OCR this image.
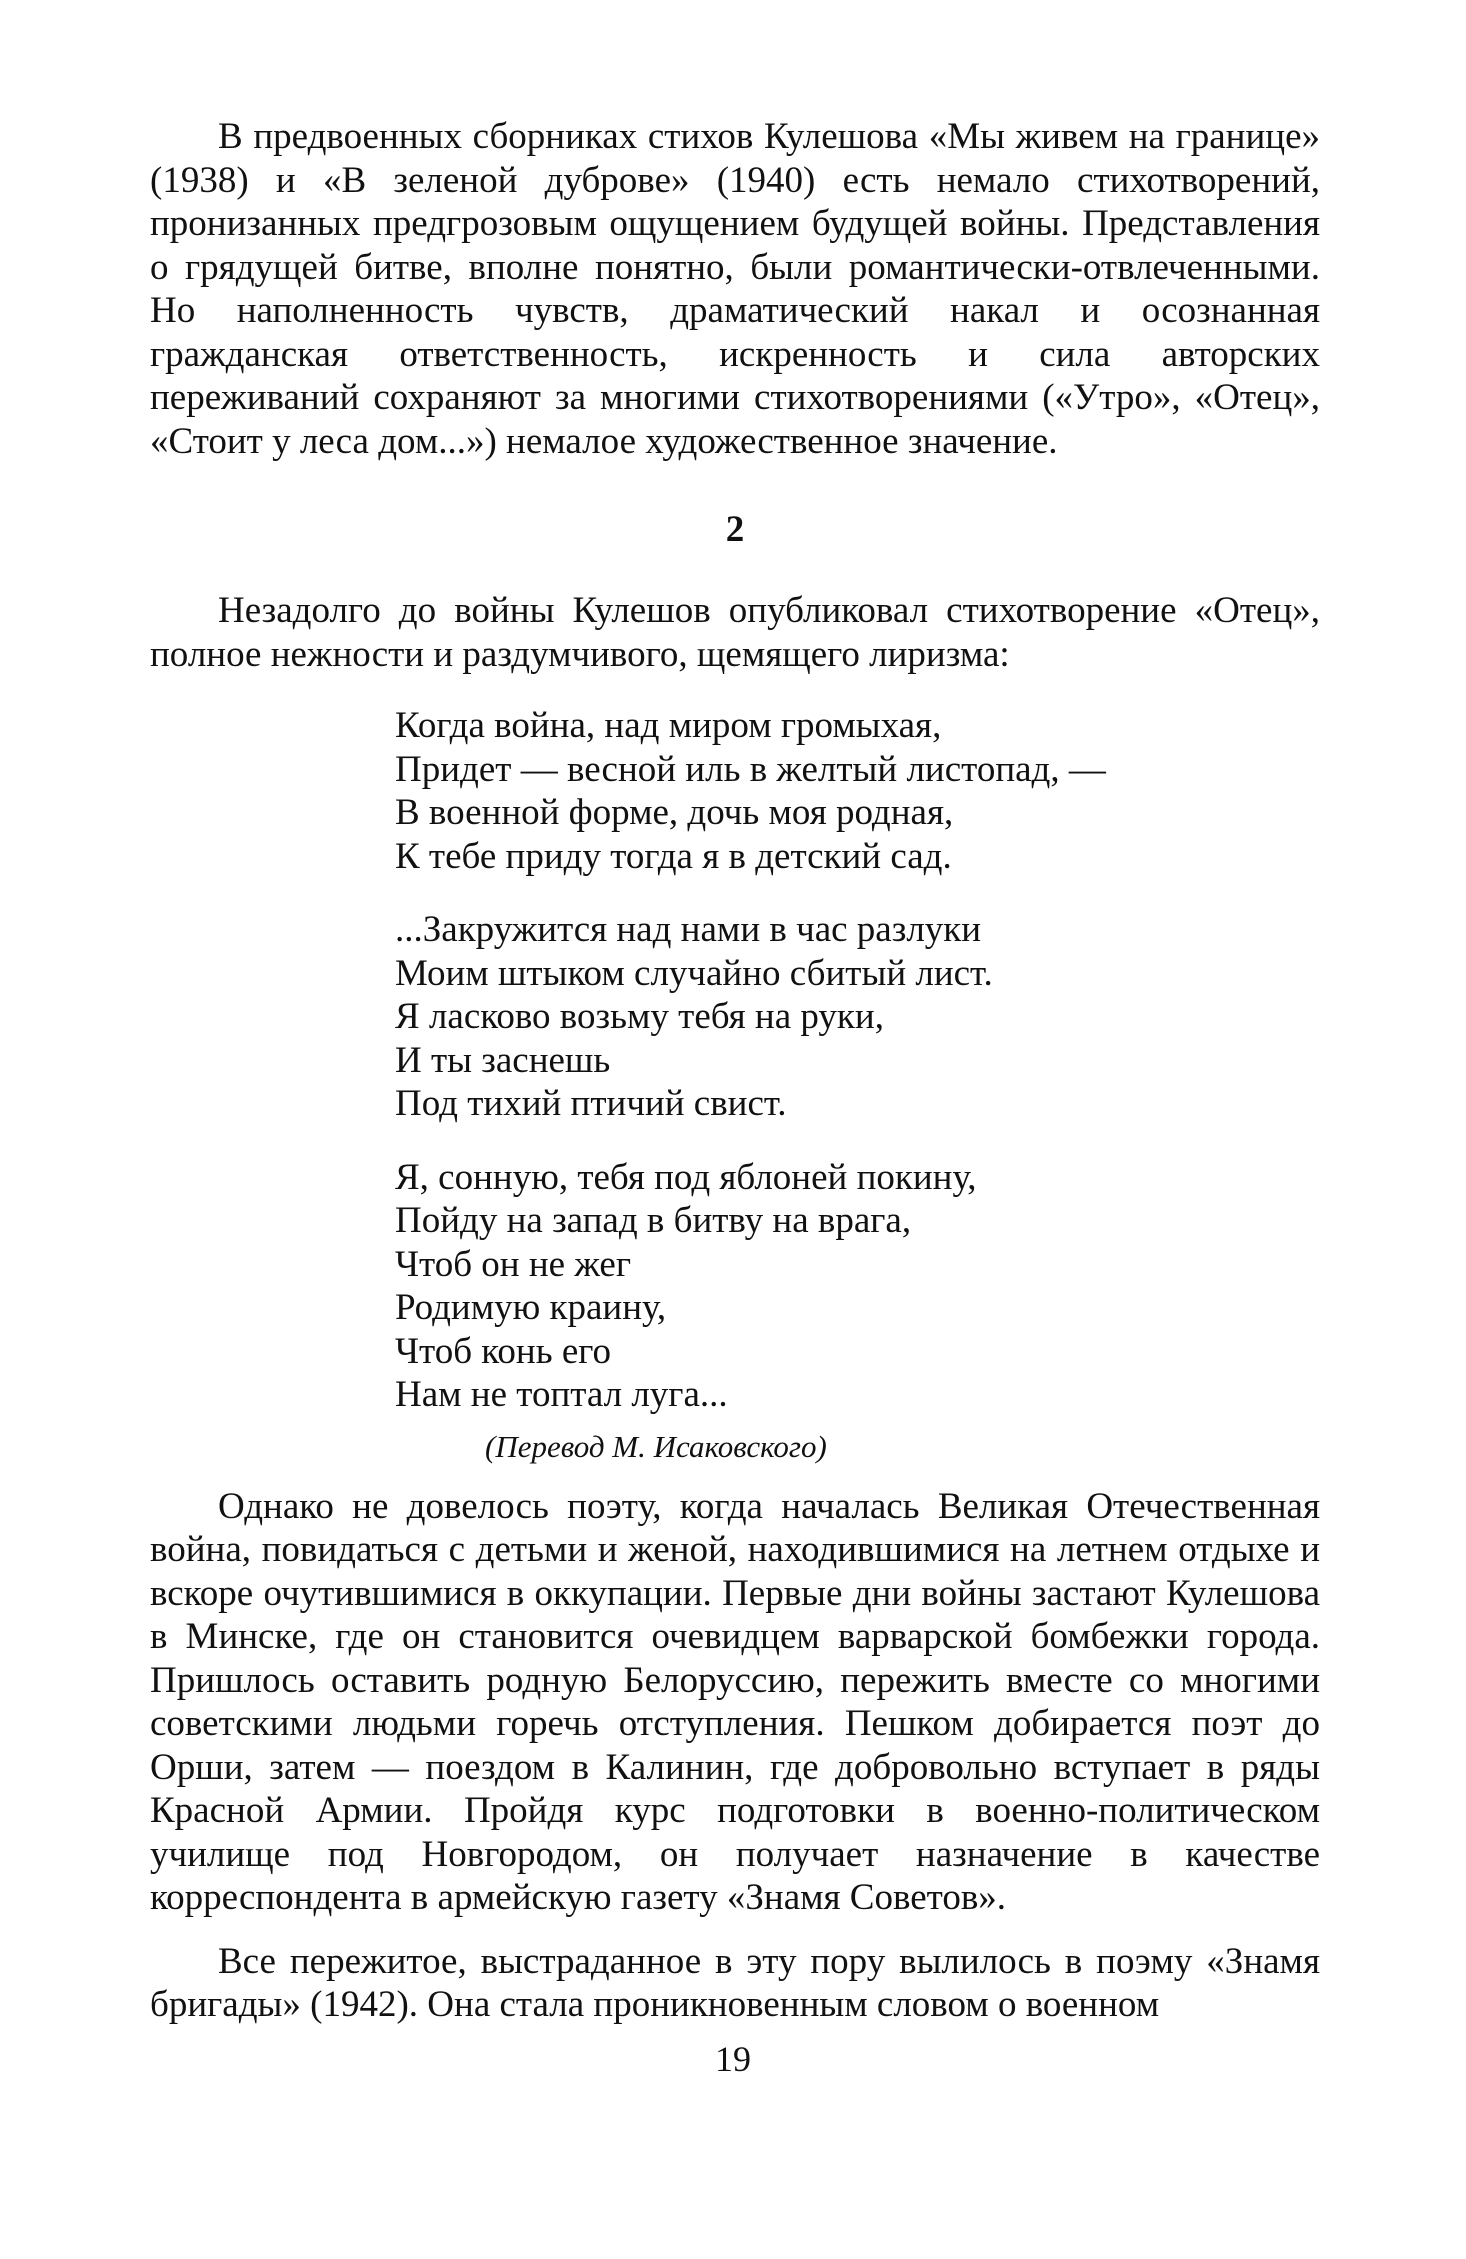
В предвоенных сборниках стихов Кулешова «Мы живем на границе» (1938) и «В зеленой дуброве» (1940) есть немало стихотворений, пронизанных предгрозовым ощущением будущей войны. Представления о грядущей битве, вполне понятно, были романтически-отвлеченными. Но наполненность чувств, драматический накал и осознанная гражданская ответственность, искренность и сила авторских переживаний сохраняют за многими стихотворениями («Утро», «Отец», «Стоит у леса дом...») немалое художественное значение.

2

Незадолго до войны Кулешов опубликовал стихотворение «Отец», полное нежности и раздумчивого, щемящего лиризма:

Когда война, над миром громыхая,
Придет — весной иль в желтый листопад, —
В военной форме, дочь моя родная,
К тебе приду тогда я в детский сад.
...Закружится над нами в час разлуки
Моим штыком случайно сбитый лист.
Я ласково возьму тебя на руки,
И ты заснешь
Под тихий птичий свист.
Я, сонную, тебя под яблоней покину,
Пойду на запад в битву на врага,
Чтоб он не жег
Родимую краину,
Чтоб конь его
Нам не топтал луга...
(Перевод М. Исаковского)

Однако не довелось поэту, когда началась Великая Отечественная война, повидаться с детьми и женой, находившимися на летнем отдыхе и вскоре очутившимися в оккупации. Первые дни войны застают Кулешова в Минске, где он становится очевидцем варварской бомбежки города. Пришлось оставить родную Белоруссию, пережить вместе со многими советскими людьми горечь отступления. Пешком добирается поэт до Орши, затем — поездом в Калинин, где добровольно вступает в ряды Красной Армии. Пройдя курс подготовки в военно-политическом училище под Новгородом, он получает назначение в качестве корреспондента в армейскую газету «Знамя Советов».

Все пережитое, выстраданное в эту пору вылилось в поэму «Знамя бригады» (1942). Она стала проникновенным словом о военном

19
